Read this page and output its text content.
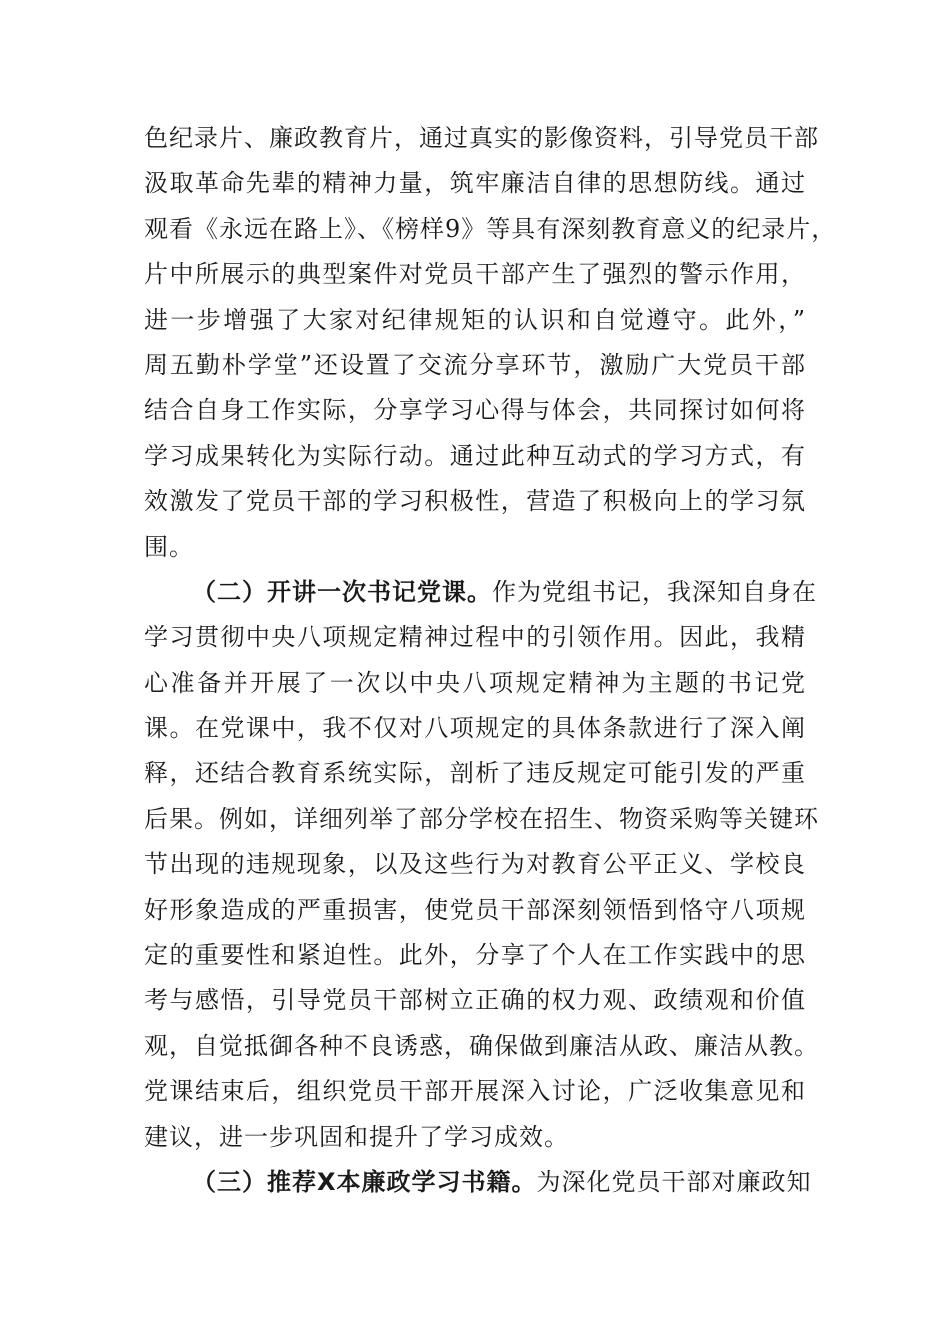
色纪录片、廉政教育片，通过真实的影像资料，引导党员干部
汲取革命先辈的精神力量，筑牢廉洁自律的思想防线。通过
观看《永远在路上》、《榜样9》等具有深刻教育意义的纪录片，
片中所展示的典型案件对党员干部产生了强烈的警示作用，
进一步增强了大家对纪律规矩的认识和自觉遵守。此外，”
周五勤朴学堂”还设置了交流分享环节，激励广大党员干部
结合自身工作实际，分享学习心得与体会，共同探讨如何将
学习成果转化为实际行动。通过此种互动式的学习方式，有
效激发了党员干部的学习积极性，营造了积极向上的学习氛
围。
（二）开讲一次书记党课。作为党组书记，我深知自身在
学习贯彻中央八项规定精神过程中的引领作用。因此，我精
心准备并开展了一次以中央八项规定精神为主题的书记党
课。在党课中，我不仅对八项规定的具体条款进行了深入阐
释，还结合教育系统实际，剖析了违反规定可能引发的严重
后果。例如，详细列举了部分学校在招生、物资采购等关键环
节出现的违规现象，以及这些行为对教育公平正义、学校良
好形象造成的严重损害，使党员干部深刻领悟到恪守八项规
定的重要性和紧迫性。此外，分享了个人在工作实践中的思
考与感悟，引导党员干部树立正确的权力观、政绩观和价值
观，自觉抵御各种不良诱惑，确保做到廉洁从政、廉洁从教。
党课结束后，组织党员干部开展深入讨论，广泛收集意见和
建议，进一步巩固和提升了学习成效。
（三）推荐X本廉政学习书籍。为深化党员干部对廉政知
